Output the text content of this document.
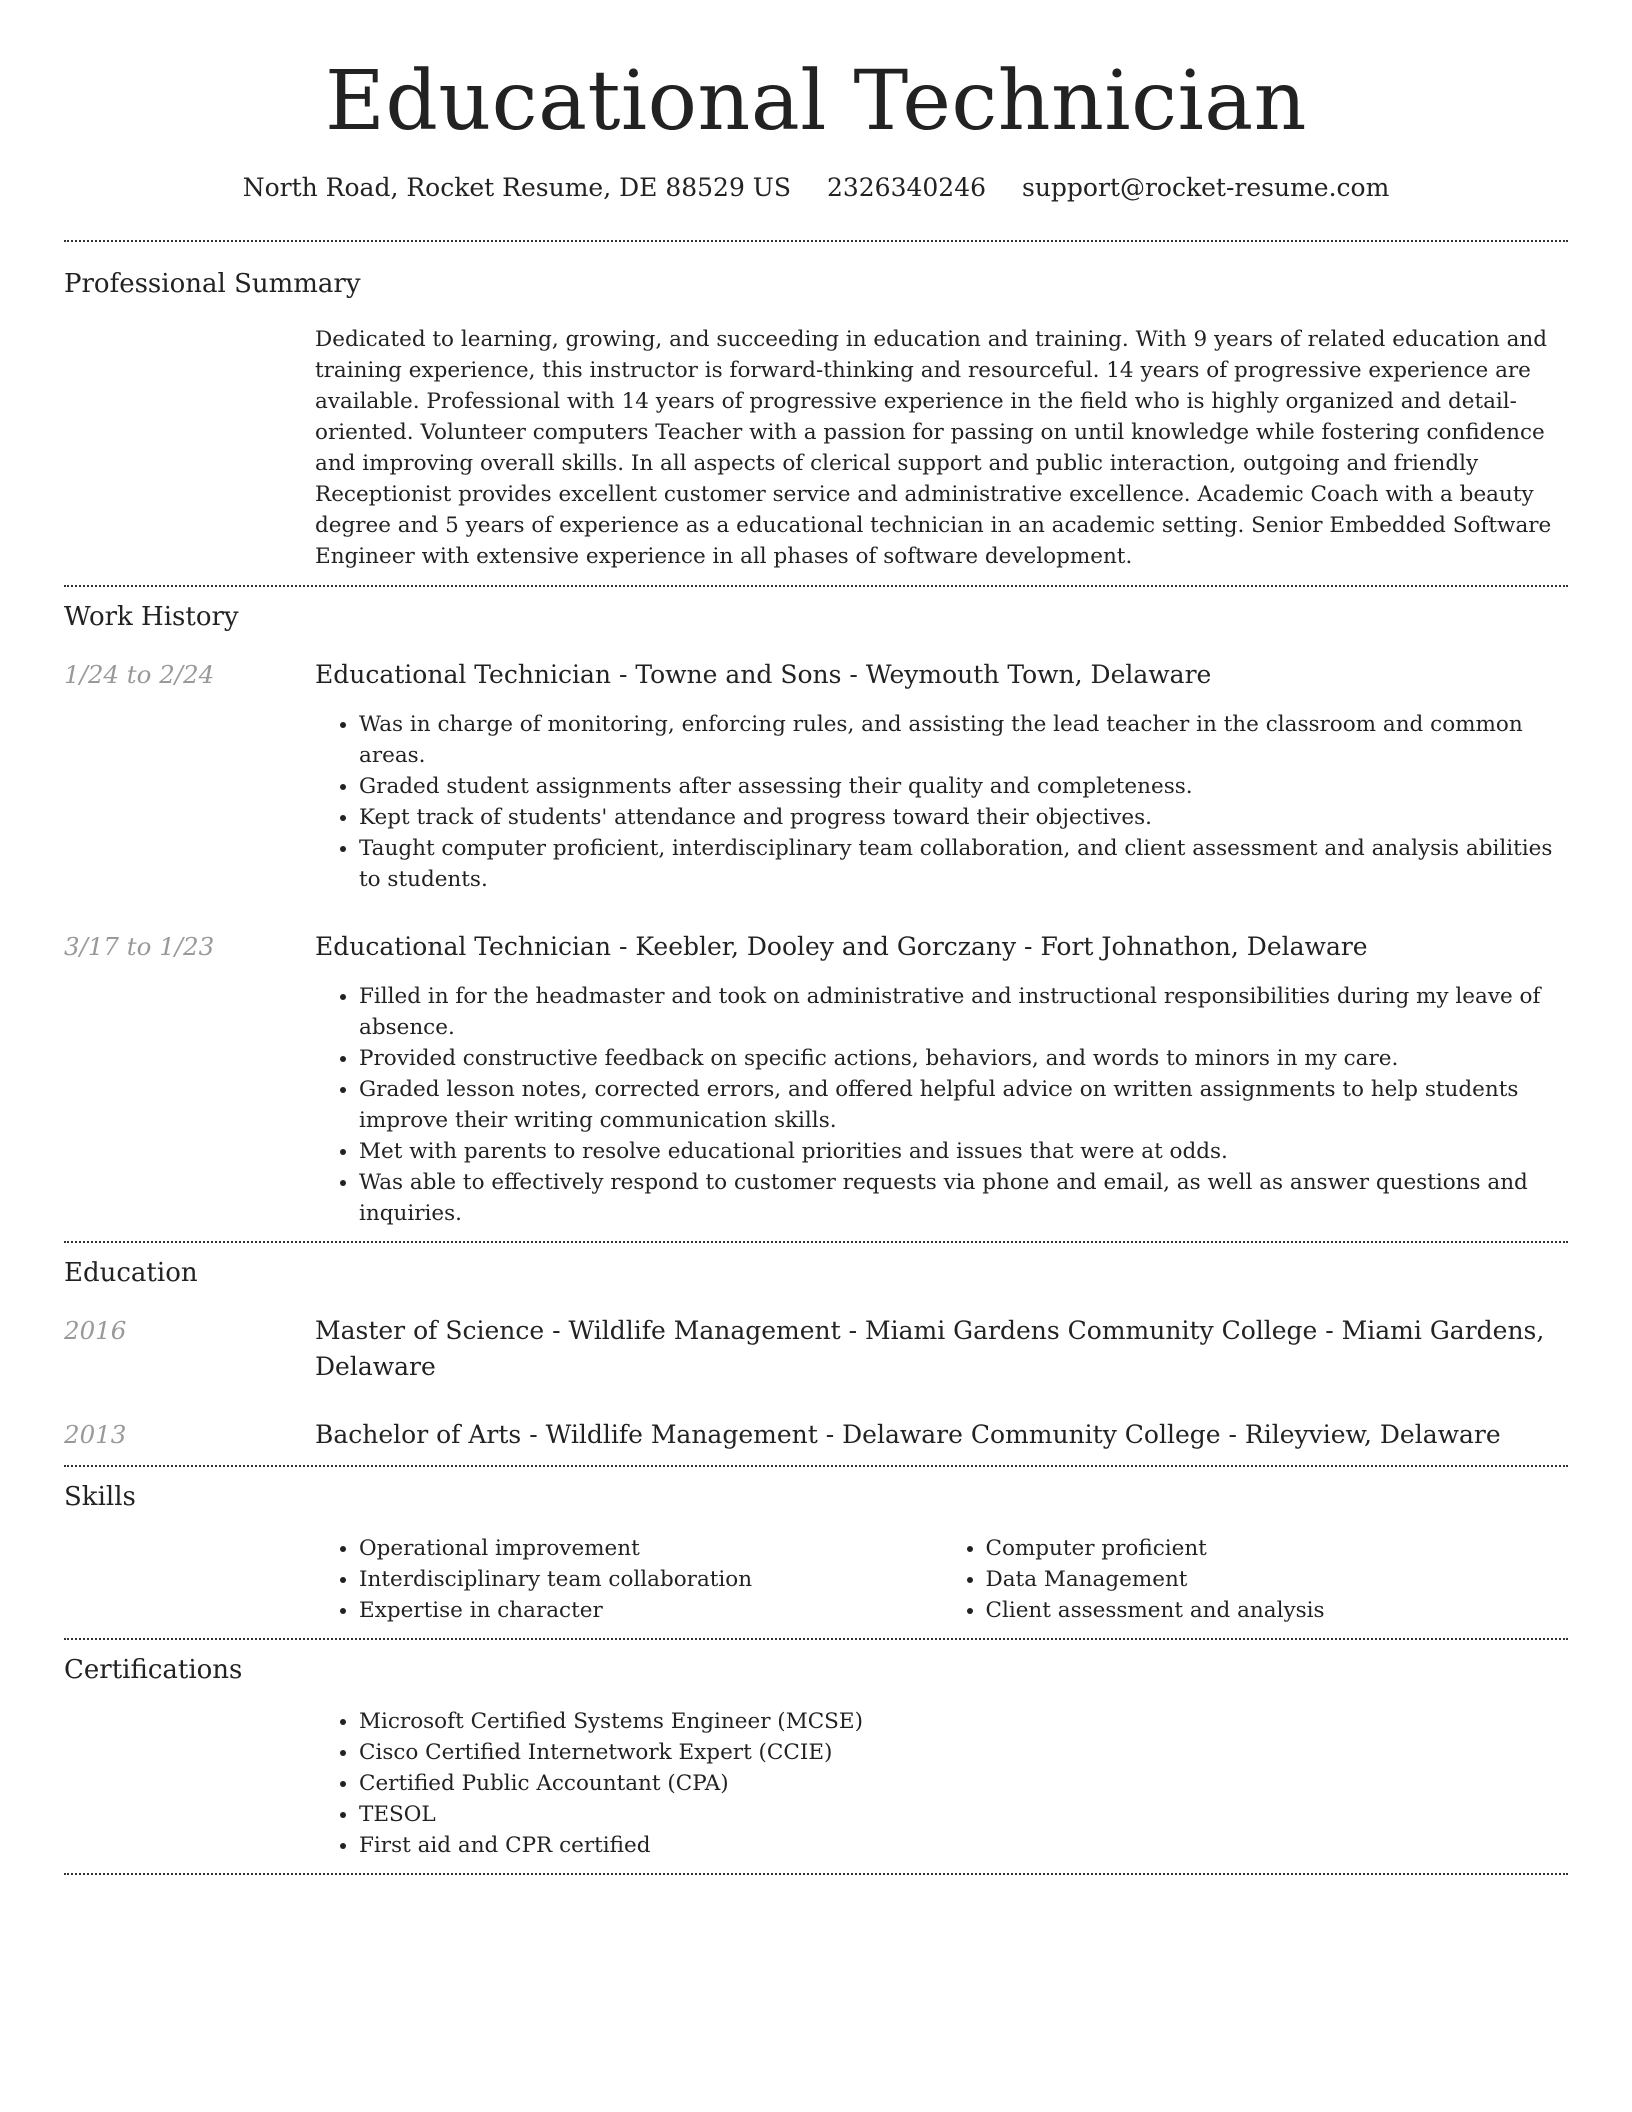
Educational Technician
North Road, Rocket Resume, DE 88529 US 2326340246 support@rocket-resume.com
Professional Summary

Dedicated to learning, growing, and succeeding in education and training. With 9 years of related education and training experience, this instructor is forward-thinking and resourceful. 14 years of progressive experience are available. Professional with 14 years of progressive experience in the field who is highly organized and detail-oriented. Volunteer computers Teacher with a passion for passing on until knowledge while fostering confidence and improving overall skills. In all aspects of clerical support and public interaction, outgoing and friendly Receptionist provides excellent customer service and administrative excellence. Academic Coach with a beauty degree and 5 years of experience as a educational technician in an academic setting. Senior Embedded Software Engineer with extensive experience in all phases of software development.

Work History
1/24 to 2/24	Educational Technician - Towne and Sons - Weymouth Town, Delaware
• Was in charge of monitoring, enforcing rules, and assisting the lead teacher in the classroom and common areas.
• Graded student assignments after assessing their quality and completeness.
• Kept track of students' attendance and progress toward their objectives.
• Taught computer proficient, interdisciplinary team collaboration, and client assessment and analysis abilities to students.
3/17 to 1/23	Educational Technician - Keebler, Dooley and Gorczany - Fort Johnathon, Delaware
• Filled in for the headmaster and took on administrative and instructional responsibilities during my leave of absence.
• Provided constructive feedback on specific actions, behaviors, and words to minors in my care.
• Graded lesson notes, corrected errors, and offered helpful advice on written assignments to help students improve their writing communication skills.
• Met with parents to resolve educational priorities and issues that were at odds.
• Was able to effectively respond to customer requests via phone and email, as well as answer questions and inquiries.
Education
2016	Master of Science - Wildlife Management - Miami Gardens Community College - Miami Gardens, Delaware
2013	Bachelor of Arts - Wildlife Management - Delaware Community College - Rileyview, Delaware
Skills
• Operational improvement
• Interdisciplinary team collaboration
• Expertise in character
• Computer proficient
• Data Management
• Client assessment and analysis
Certifications
• Microsoft Certified Systems Engineer (MCSE)
• Cisco Certified Internetwork Expert (CCIE)
• Certified Public Accountant (CPA)
• TESOL
• First aid and CPR certified
